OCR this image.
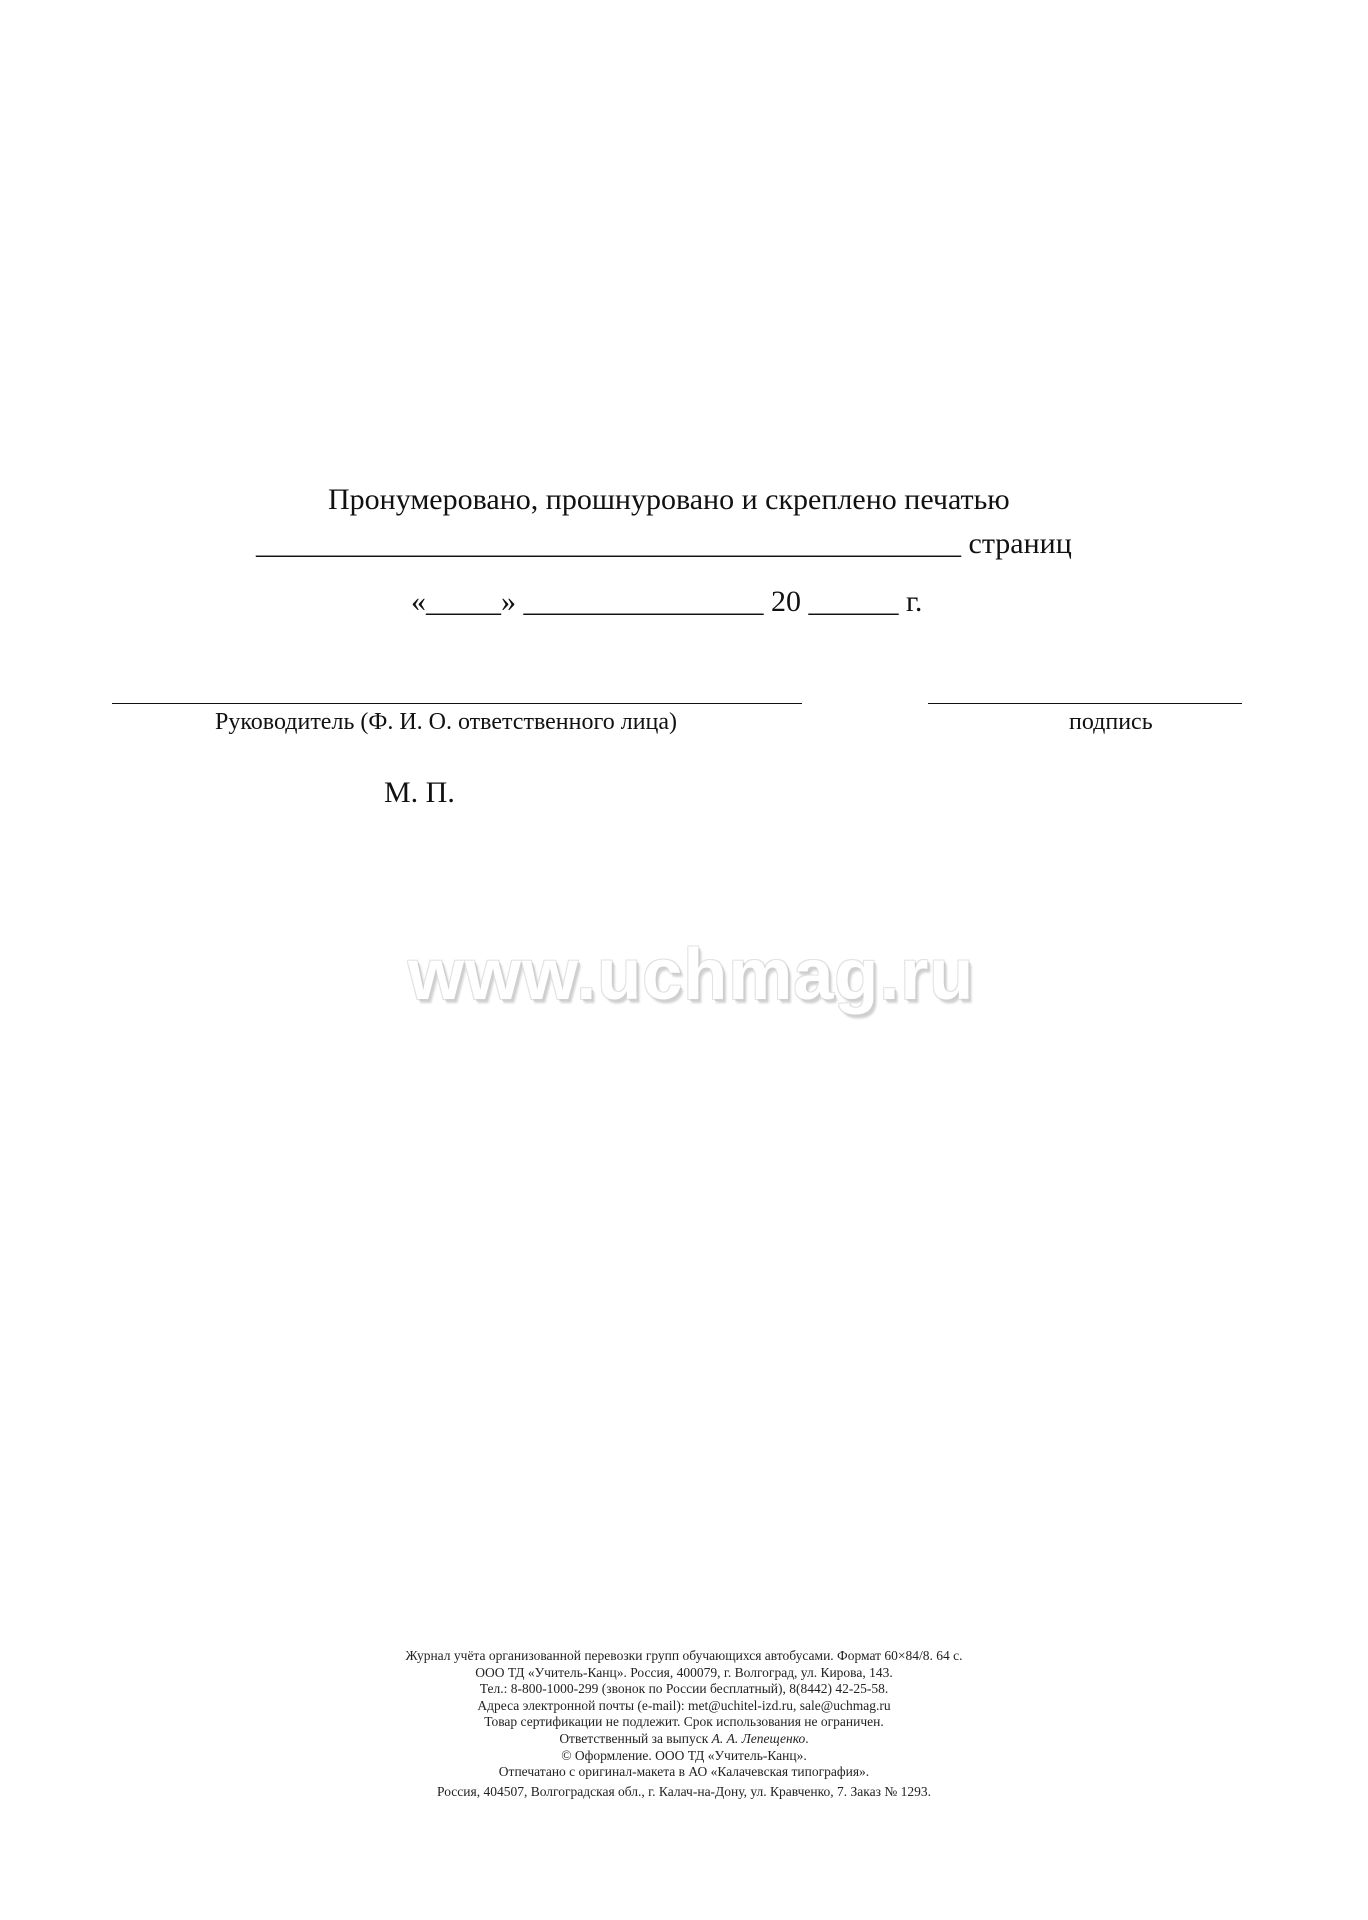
Пронумеровано, прошнуровано и скреплено печатью
_______________________________________________ страниц
«_____» ________________ 20 ______ г.
Руководитель (Ф. И. О. ответственного лица)	подпись
М. П.
www.uchmag.ru
Журнал учёта организованной перевозки групп обучающихся автобусами. Формат 60×84/8. 64 с.
ООО ТД «Учитель-Канц». Россия, 400079, г. Волгоград, ул. Кирова, 143.
Тел.: 8-800-1000-299 (звонок по России бесплатный), 8(8442) 42-25-58.
Адреса электронной почты (e-mail): met@uchitel-izd.ru, sale@uchmag.ru
Товар сертификации не подлежит. Срок использования не ограничен.
Ответственный за выпуск А. А. Лепещенко.
© Оформление. ООО ТД «Учитель-Канц».
Отпечатано с оригинал-макета в АО «Калачевская типография».
Россия, 404507, Волгоградская обл., г. Калач-на-Дону, ул. Кравченко, 7. Заказ № 1293.
